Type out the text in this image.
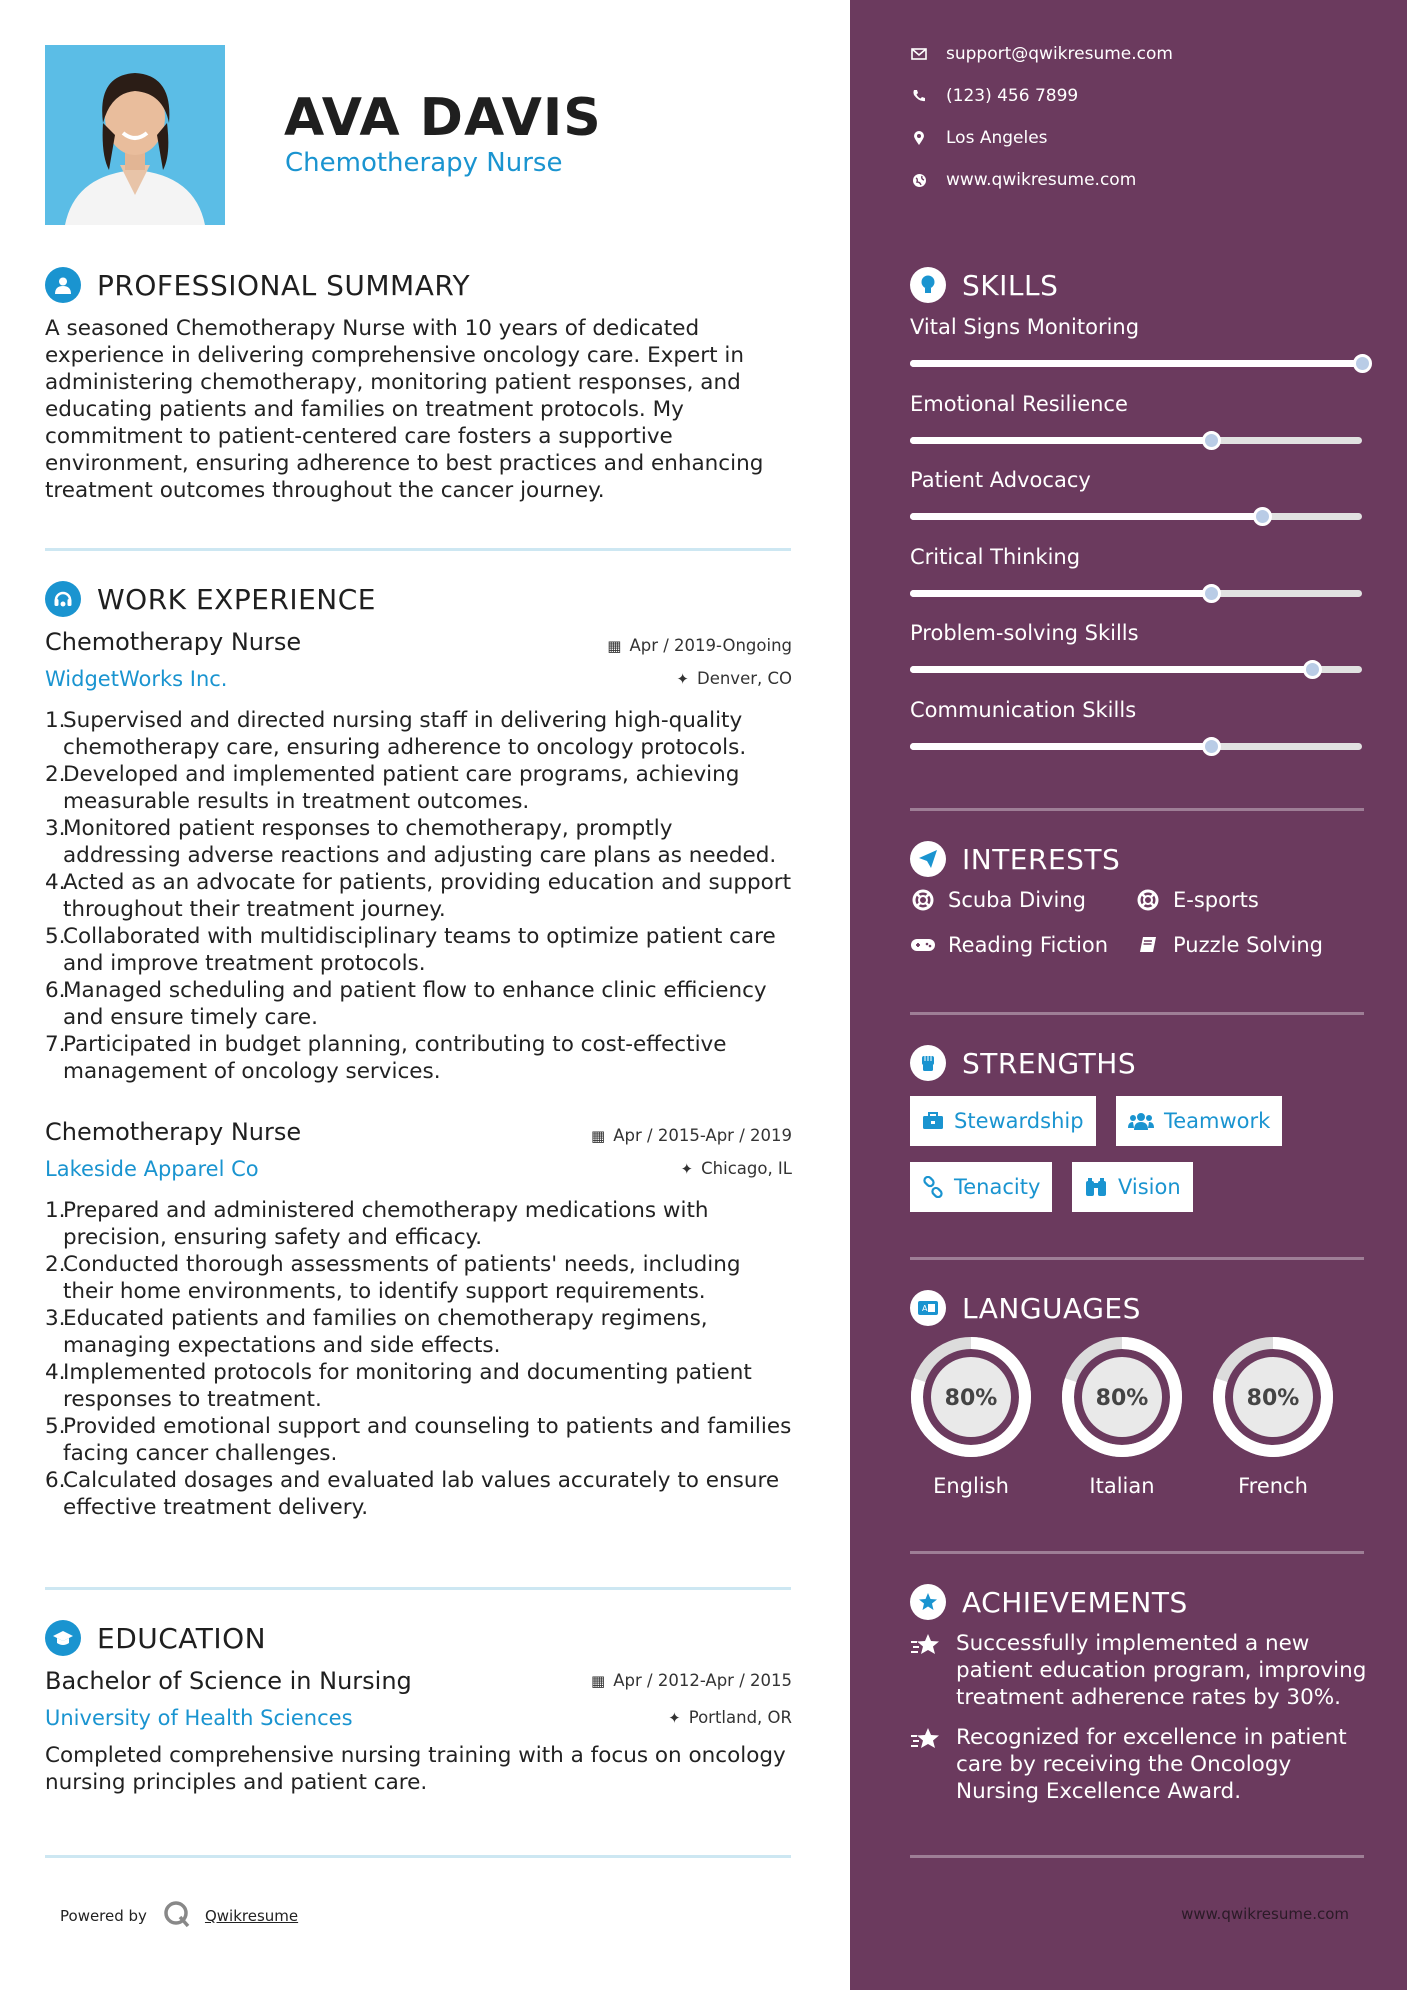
AVA DAVIS
Chemotherapy Nurse
PROFESSIONAL SUMMARY
A seasoned Chemotherapy Nurse with 10 years of dedicated experience in delivering comprehensive oncology care. Expert in administering chemotherapy, monitoring patient responses, and educating patients and families on treatment protocols. My commitment to patient-centered care fosters a supportive environment, ensuring adherence to best practices and enhancing treatment outcomes throughout the cancer journey.
WORK EXPERIENCE
Chemotherapy Nurse	▦ Apr / 2019-Ongoing
WidgetWorks Inc.	✦ Denver, CO
1.
Supervised and directed nursing staff in delivering high-quality chemotherapy care, ensuring adherence to oncology protocols.
2.
Developed and implemented patient care programs, achieving measurable results in treatment outcomes.
3.
Monitored patient responses to chemotherapy, promptly addressing adverse reactions and adjusting care plans as needed.
4.
Acted as an advocate for patients, providing education and support throughout their treatment journey.
5.
Collaborated with multidisciplinary teams to optimize patient care and improve treatment protocols.
6.
Managed scheduling and patient flow to enhance clinic efficiency and ensure timely care.
7.
Participated in budget planning, contributing to cost-effective management of oncology services.
Chemotherapy Nurse	▦ Apr / 2015-Apr / 2019
Lakeside Apparel Co	✦ Chicago, IL
1.
Prepared and administered chemotherapy medications with precision, ensuring safety and efficacy.
2.
Conducted thorough assessments of patients' needs, including their home environments, to identify support requirements.
3.
Educated patients and families on chemotherapy regimens, managing expectations and side effects.
4.
Implemented protocols for monitoring and documenting patient responses to treatment.
5.
Provided emotional support and counseling to patients and families facing cancer challenges.
6.
Calculated dosages and evaluated lab values accurately to ensure effective treatment delivery.
EDUCATION
Bachelor of Science in Nursing	▦ Apr / 2012-Apr / 2015
University of Health Sciences	✦ Portland, OR
Completed comprehensive nursing training with a focus on oncology nursing principles and patient care.
Powered by	Qwikresume
support@qwikresume.com
(123) 456 7899
Los Angeles
www.qwikresume.com
SKILLS
Vital Signs Monitoring
Emotional Resilience
Patient Advocacy
Critical Thinking
Problem-solving Skills
Communication Skills
INTERESTS
Scuba Diving	E-sports
Reading Fiction	Puzzle Solving
STRENGTHS
Stewardship	Teamwork
Tenacity	Vision
A LANGUAGES
80%
English
80%
Italian
80%
French
ACHIEVEMENTS
Successfully implemented a new patient education program, improving treatment adherence rates by 30%.
Recognized for excellence in patient care by receiving the Oncology Nursing Excellence Award.
www.qwikresume.com
